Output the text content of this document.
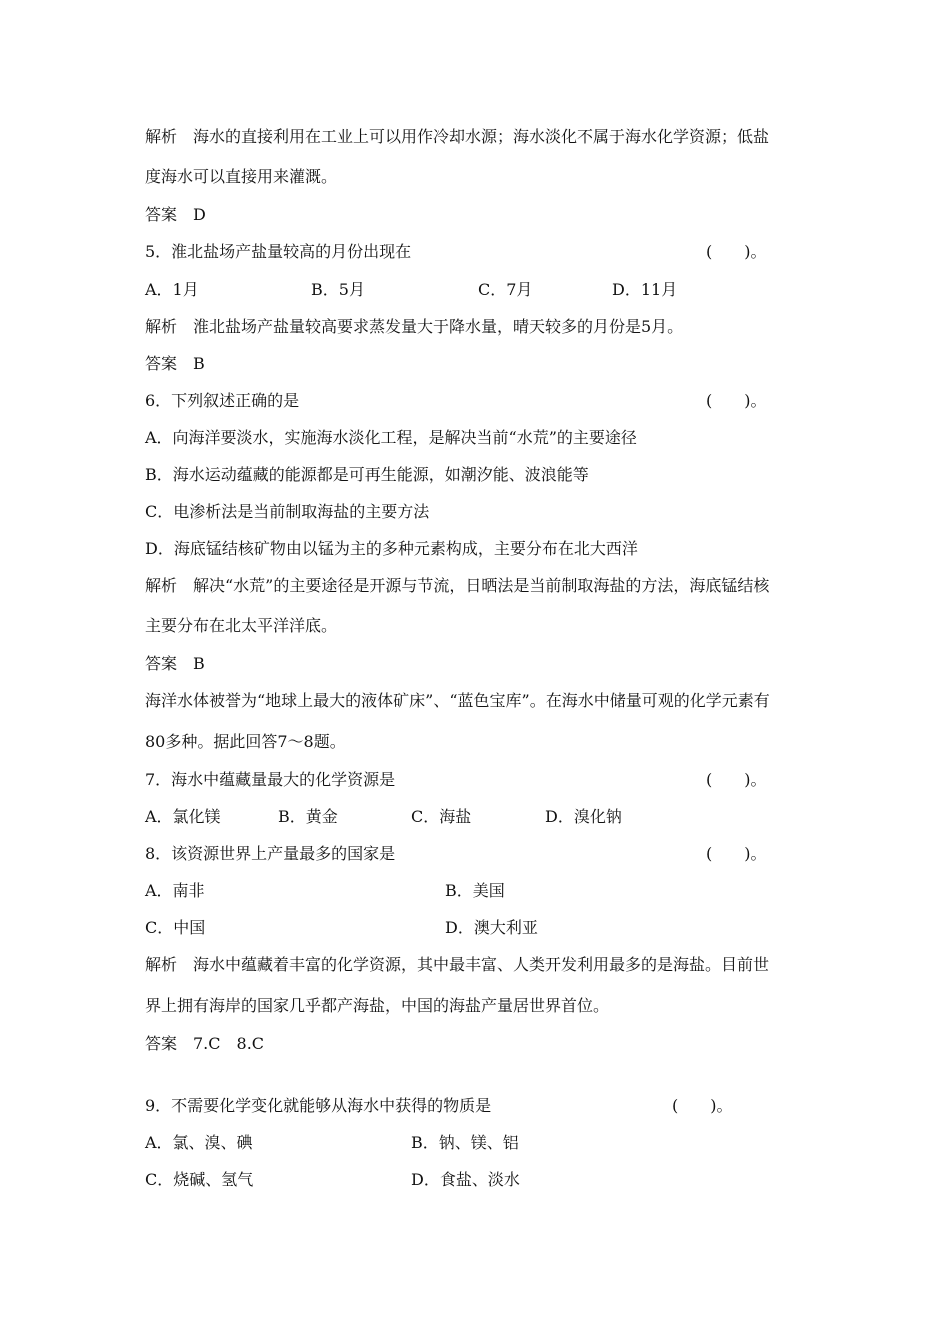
解析　海水的直接利用在工业上可以用作冷却水源；海水淡化不属于海水化学资源；低盐
度海水可以直接用来灌溉。
答案　D
5．淮北盐场产盐量较高的月份出现在	(　　)。
A．1月	B．5月	C．7月	D．11月
解析　淮北盐场产盐量较高要求蒸发量大于降水量，晴天较多的月份是5月。
答案　B
6．下列叙述正确的是	(　　)。
A．向海洋要淡水，实施海水淡化工程，是解决当前“水荒”的主要途径
B．海水运动蕴藏的能源都是可再生能源，如潮汐能、波浪能等
C．电渗析法是当前制取海盐的主要方法
D．海底锰结核矿物由以锰为主的多种元素构成，主要分布在北大西洋
解析　解决“水荒”的主要途径是开源与节流，日晒法是当前制取海盐的方法，海底锰结核
主要分布在北太平洋洋底。
答案　B
海洋水体被誉为“地球上最大的液体矿床”、“蓝色宝库”。在海水中储量可观的化学元素有
80多种。据此回答7～8题。
7．海水中蕴藏量最大的化学资源是	(　　)。
A．氯化镁	B．黄金	C．海盐	D．溴化钠
8．该资源世界上产量最多的国家是	(　　)。
A．南非	B．美国
C．中国	D．澳大利亚
解析　海水中蕴藏着丰富的化学资源，其中最丰富、人类开发利用最多的是海盐。目前世
界上拥有海岸的国家几乎都产海盐，中国的海盐产量居世界首位。
答案　7.C　8.C
9．不需要化学变化就能够从海水中获得的物质是	(　　)。
A．氯、溴、碘	B．钠、镁、铝
C．烧碱、氢气	D．食盐、淡水
